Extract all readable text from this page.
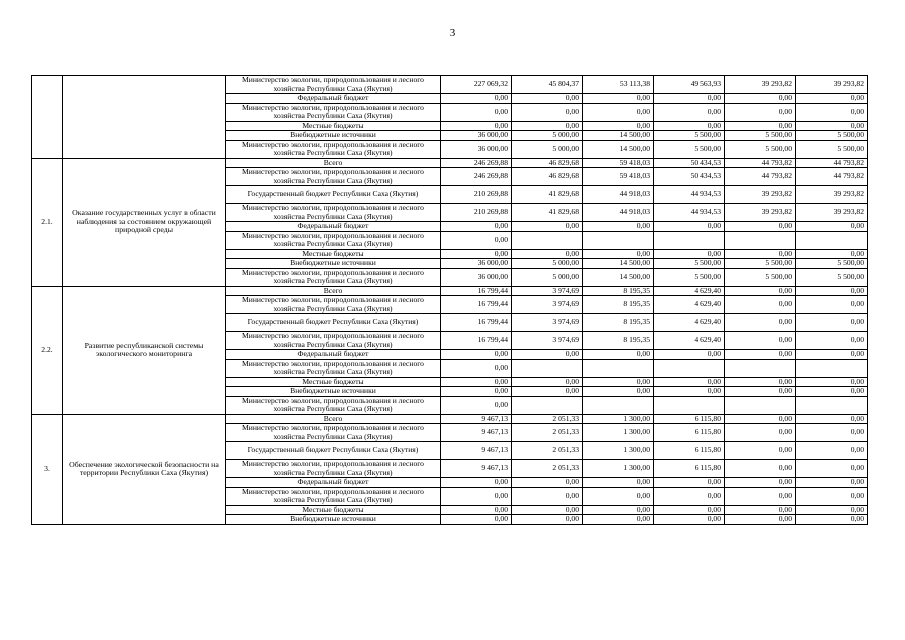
3
		Министерство экологии, природопользования и лесного хозяйства Республики Саха (Якутия)	227 069,32	45 804,37	53 113,38	49 563,93	39 293,82	39 293,82
		Федеральный бюджет	0,00	0,00	0,00	0,00	0,00	0,00
		Министерство экологии, природопользования и лесного хозяйства Республики Саха (Якутия)	0,00	0,00	0,00	0,00	0,00	0,00
		Местные бюджеты	0,00	0,00	0,00	0,00	0,00	0,00
		Внебюджетные источники	36 000,00	5 000,00	14 500,00	5 500,00	5 500,00	5 500,00
		Министерство экологии, природопользования и лесного хозяйства Республики Саха (Якутия)	36 000,00	5 000,00	14 500,00	5 500,00	5 500,00	5 500,00
2.1.	Оказание государственных услуг в области наблюдения за состоянием окружающей природной среды	Всего	246 269,88	46 829,68	59 418,03	50 434,53	44 793,82	44 793,82
		Министерство экологии, природопользования и лесного хозяйства Республики Саха (Якутия)	246 269,88	46 829,68	59 418,03	50 434,53	44 793,82	44 793,82
		Государственный бюджет Республики Саха (Якутия)	210 269,88	41 829,68	44 918,03	44 934,53	39 293,82	39 293,82
		Министерство экологии, природопользования и лесного хозяйства Республики Саха (Якутия)	210 269,88	41 829,68	44 918,03	44 934,53	39 293,82	39 293,82
		Федеральный бюджет	0,00	0,00	0,00	0,00	0,00	0,00
		Министерство экологии, природопользования и лесного хозяйства Республики Саха (Якутия)	0,00					
		Местные бюджеты	0,00	0,00	0,00	0,00	0,00	0,00
		Внебюджетные источники	36 000,00	5 000,00	14 500,00	5 500,00	5 500,00	5 500,00
		Министерство экологии, природопользования и лесного хозяйства Республики Саха (Якутия)	36 000,00	5 000,00	14 500,00	5 500,00	5 500,00	5 500,00
2.2.	Развитие республиканской системы экологического мониторинга	Всего	16 799,44	3 974,69	8 195,35	4 629,40	0,00	0,00
		Министерство экологии, природопользования и лесного хозяйства Республики Саха (Якутия)	16 799,44	3 974,69	8 195,35	4 629,40	0,00	0,00
		Государственный бюджет Республики Саха (Якутия)	16 799,44	3 974,69	8 195,35	4 629,40	0,00	0,00
		Министерство экологии, природопользования и лесного хозяйства Республики Саха (Якутия)	16 799,44	3 974,69	8 195,35	4 629,40	0,00	0,00
		Федеральный бюджет	0,00	0,00	0,00	0,00	0,00	0,00
		Министерство экологии, природопользования и лесного хозяйства Республики Саха (Якутия)	0,00					
		Местные бюджеты	0,00	0,00	0,00	0,00	0,00	0,00
		Внебюджетные источники	0,00	0,00	0,00	0,00	0,00	0,00
		Министерство экологии, природопользования и лесного хозяйства Республики Саха (Якутия)	0,00					
3.	Обеспечение экологической безопасности на территории Республики Саха (Якутия)	Всего	9 467,13	2 051,33	1 300,00	6 115,80	0,00	0,00
		Министерство экологии, природопользования и лесного хозяйства Республики Саха (Якутия)	9 467,13	2 051,33	1 300,00	6 115,80	0,00	0,00
		Государственный бюджет Республики Саха (Якутия)	9 467,13	2 051,33	1 300,00	6 115,80	0,00	0,00
		Министерство экологии, природопользования и лесного хозяйства Республики Саха (Якутия)	9 467,13	2 051,33	1 300,00	6 115,80	0,00	0,00
		Федеральный бюджет	0,00	0,00	0,00	0,00	0,00	0,00
		Министерство экологии, природопользования и лесного хозяйства Республики Саха (Якутия)	0,00	0,00	0,00	0,00	0,00	0,00
		Местные бюджеты	0,00	0,00	0,00	0,00	0,00	0,00
		Внебюджетные источники	0,00	0,00	0,00	0,00	0,00	0,00
